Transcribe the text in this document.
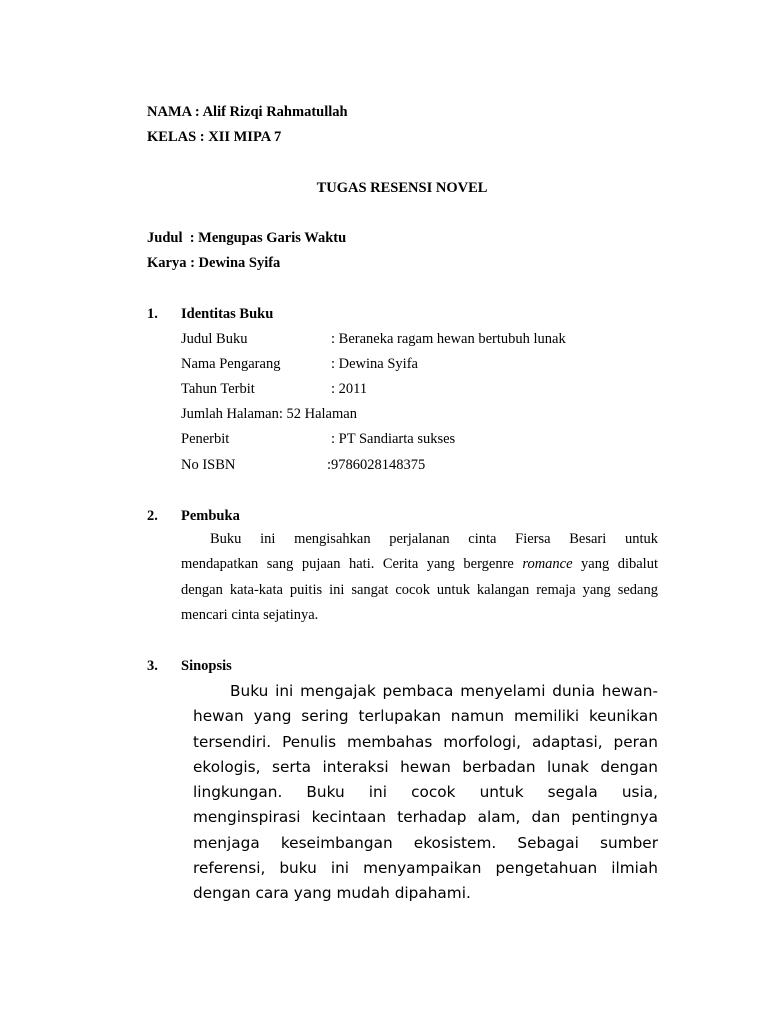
NAMA : Alif Rizqi Rahmatullah
KELAS : XII MIPA 7
TUGAS RESENSI NOVEL
Judul  : Mengupas Garis Waktu
Karya : Dewina Syifa
1. Identitas Buku
Judul Buku	: Beraneka ragam hewan bertubuh lunak
Nama Pengarang	: Dewina Syifa
Tahun Terbit	: 2011
Jumlah Halaman: 52 Halaman
Penerbit	: PT Sandiarta sukses
No ISBN	:9786028148375
2. Pembuka
Buku ini mengisahkan perjalanan cinta Fiersa Besari untuk
mendapatkan sang pujaan hati. Cerita yang bergenre romance yang dibalut
dengan kata-kata puitis ini sangat cocok untuk kalangan remaja yang sedang
mencari cinta sejatinya.
3. Sinopsis
Buku ini mengajak pembaca menyelami dunia hewan-
hewan yang sering terlupakan namun memiliki keunikan
tersendiri. Penulis membahas morfologi, adaptasi, peran
ekologis, serta interaksi hewan berbadan lunak dengan
lingkungan. Buku ini cocok untuk segala usia,
menginspirasi kecintaan terhadap alam, dan pentingnya
menjaga keseimbangan ekosistem. Sebagai sumber
referensi, buku ini menyampaikan pengetahuan ilmiah
dengan cara yang mudah dipahami.
